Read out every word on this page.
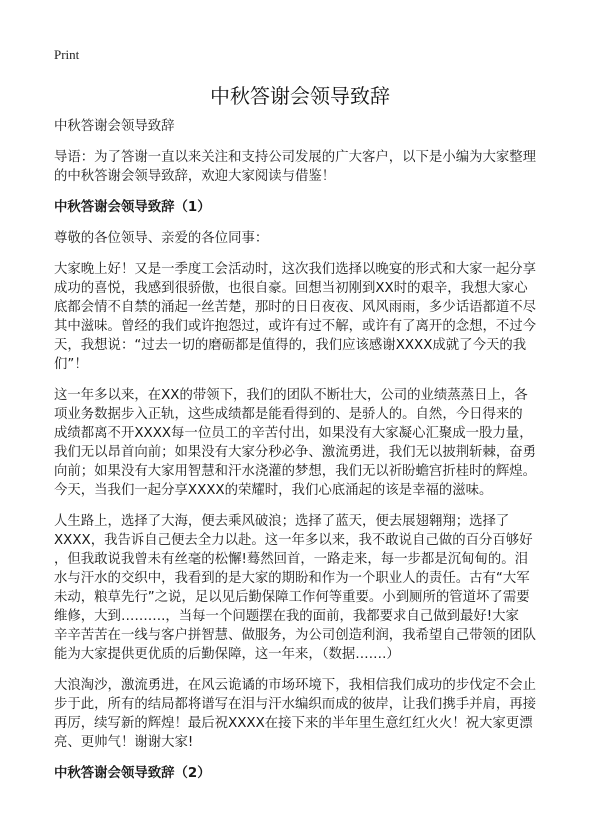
Print
中秋答谢会领导致辞
中秋答谢会领导致辞
导语：为了答谢一直以来关注和支持公司发展的广大客户，以下是小编为大家整理
的中秋答谢会领导致辞，欢迎大家阅读与借鉴！
中秋答谢会领导致辞（1）
尊敬的各位领导、亲爱的各位同事：
大家晚上好！又是一季度工会活动时，这次我们选择以晚宴的形式和大家一起分享
成功的喜悦，我感到很骄傲，也很自豪。回想当初刚到XX时的艰辛，我想大家心
底都会情不自禁的涌起一丝苦楚，那时的日日夜夜、风风雨雨，多少话语都道不尽
其中滋味。曾经的我们或许抱怨过，或许有过不解，或许有了离开的念想，不过今
天，我想说：“过去一切的磨砺都是值得的，我们应该感谢XXXX成就了今天的我
们”！
这一年多以来，在XX的带领下，我们的团队不断壮大，公司的业绩蒸蒸日上，各
项业务数据步入正轨，这些成绩都是能看得到的、是骄人的。自然，今日得来的
成绩都离不开XXXX每一位员工的辛苦付出，如果没有大家凝心汇聚成一股力量，
我们无以昂首向前；如果没有大家分秒必争、激流勇进，我们无以披荆斩棘，奋勇
向前；如果没有大家用智慧和汗水浇灌的梦想，我们无以祈盼蟾宫折桂时的辉煌。
今天，当我们一起分享XXXX的荣耀时，我们心底涌起的该是幸福的滋味。
人生路上，选择了大海，便去乘风破浪；选择了蓝天，便去展翅翱翔；选择了
XXXX，我告诉自己便去全力以赴。这一年多以来，我不敢说自己做的百分百够好
，但我敢说我曾未有丝毫的松懈!蓦然回首，一路走来，每一步都是沉甸甸的。泪
水与汗水的交织中，我看到的是大家的期盼和作为一个职业人的责任。古有“大军
未动，粮草先行”之说，足以见后勤保障工作何等重要。小到厕所的管道坏了需要
维修，大到……….，当每一个问题摆在我的面前，我都要求自己做到最好!大家
辛辛苦苦在一线与客户拼智慧、做服务，为公司创造利润，我希望自己带领的团队
能为大家提供更优质的后勤保障，这一年来，（数据…….）
大浪淘沙，激流勇进，在风云诡谲的市场环境下，我相信我们成功的步伐定不会止
步于此，所有的结局都将谱写在泪与汗水编织而成的彼岸，让我们携手并肩，再接
再厉，续写新的辉煌！最后祝XXXX在接下来的半年里生意红红火火！祝大家更漂
亮、更帅气！谢谢大家!
中秋答谢会领导致辞（2）
